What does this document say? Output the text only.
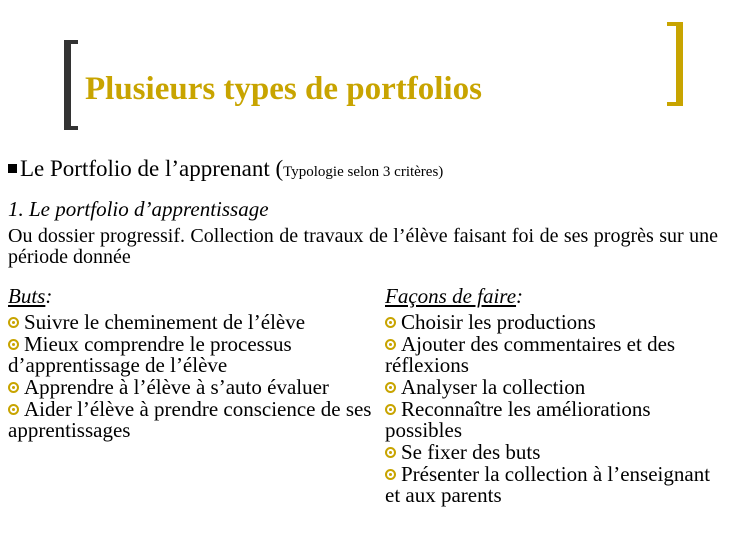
Plusieurs types de portfolios
Le Portfolio de l’apprenant (Typologie selon 3 critères)
1. Le portfolio d’apprentissage
Ou dossier progressif. Collection de travaux de l’élève faisant foi de ses progrès sur une période donnée
Buts:
Suivre le cheminement de l’élève
Mieux comprendre le processus d’apprentissage de l’élève
Apprendre à l’élève à s’auto évaluer
Aider l’élève à prendre conscience de ses apprentissages
Façons de faire:
Choisir les productions
Ajouter des commentaires et des réflexions
Analyser la collection
Reconnaître les améliorations possibles
Se fixer des buts
Présenter la collection à l’enseignant et aux parents
